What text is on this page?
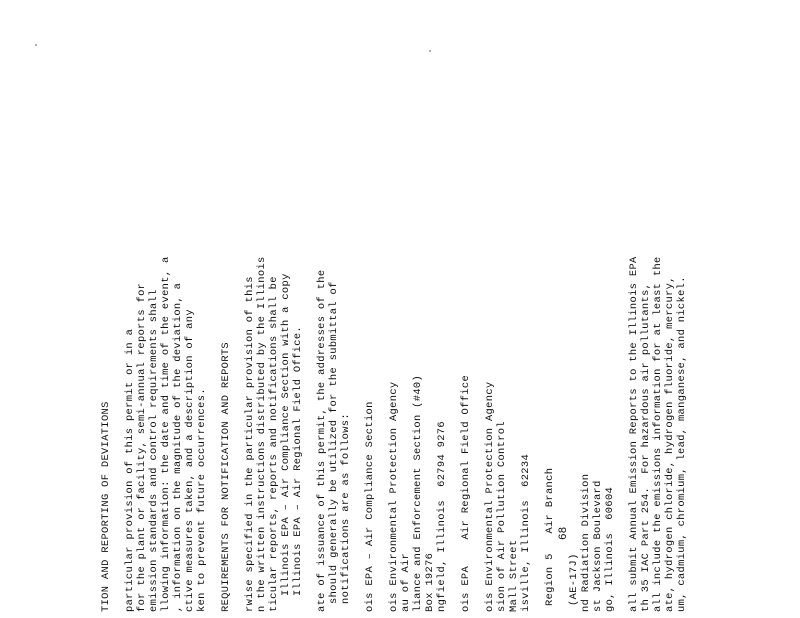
TION AND REPORTING OF DEVIATIONS particular provision of this permit or in a for the plant or facility, semi-annual reports for emission standards and control requirements shall llowing information: the date and time of the event, a , information on the magnitude of the deviation, a ctive measures taken, and a description of any ken to prevent future occurrences. REQUIREMENTS FOR NOTIFICATION AND REPORTS rwise specified in the particular provision of this n the written instructions distributed by the Illinois ticular reports, reports and notifications shall be Illinois EPA – Air Compliance Section with a copy Illinois EPA – Air Regional Field Office. ate of issuance of this permit, the addresses of the should generally be utilized for the submittal of notifications are as follows: ois EPA – Air Compliance Section ois Environmental Protection Agency au of Air liance and Enforcement Section (#40) Box 19276 ngfield, Illinois  62794 9276 ois EPA    Air Regional Field Office ois Environmental Protection Agency sion of Air Pollution Control Mall Street isville, Illinois  62234 Region 5   Air Branch (AE-17J) nd Radiation Division st Jackson Boulevard go, Illinois  60604 all submit Annual Emission Reports to the Illinois EPA th 35 IAC Part 254.  For hazardous air pollutants, all include the emissions information for at least the ate, hydrogen chloride, hydrogen fluoride, mercury, um, cadmium, chromium, lead, manganese, and nickel.
68
